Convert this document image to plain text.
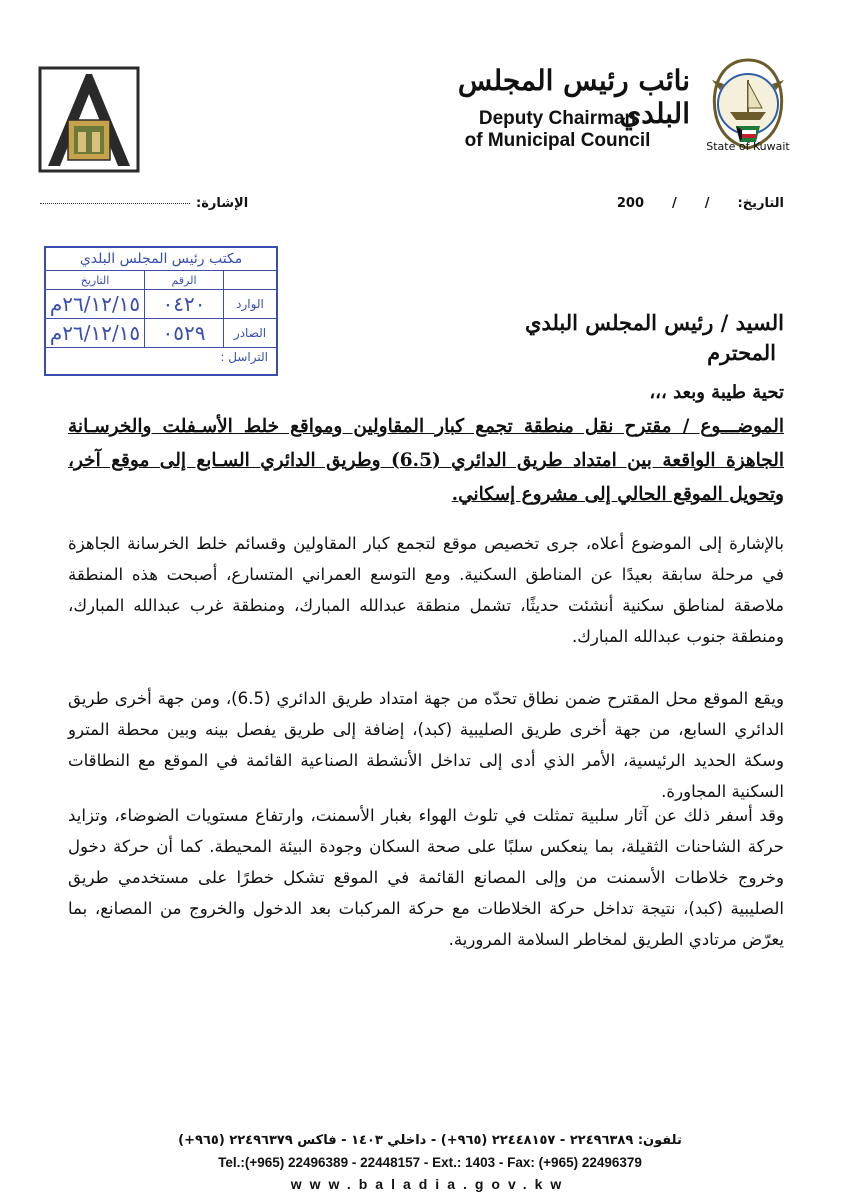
State of Kuwait
نائب رئيس المجلس البلدي
Deputy Chairman
of Municipal Council
التاريخ://200
الإشارة:
مكتب رئيس المجلس البلدي
الرقم
التاريخ
الوارد
٠٤٢٠
٢٦/١٢/١٥م
الصادر
٠٥٢٩
٢٦/١٢/١٥م
التراسل :
السيد / رئيس المجلس البلدي
المحترم
تحية طيبة وبعد ،،،
الموضـــوع / مقترح نقل منطقة تجمع كبار المقاولين ومواقع خلط الأسـفلت والخرسـانة الجاهزة الواقعة بين امتداد طريق الدائري (6.5) وطريق الدائري السـابع إلى موقع آخر، وتحويل الموقع الحالي إلى مشروع إسكاني.
بالإشارة إلى الموضوع أعلاه، جرى تخصيص موقع لتجمع كبار المقاولين وقسائم خلط الخرسانة الجاهزة في مرحلة سابقة بعيدًا عن المناطق السكنية. ومع التوسع العمراني المتسارع، أصبحت هذه المنطقة ملاصقة لمناطق سكنية أنشئت حديثًا، تشمل منطقة عبدالله المبارك، ومنطقة غرب عبدالله المبارك، ومنطقة جنوب عبدالله المبارك.
ويقع الموقع محل المقترح ضمن نطاق تحدّه من جهة امتداد طريق الدائري (6.5)، ومن جهة أخرى طريق الدائري السابع، من جهة أخرى طريق الصليبية (كبد)، إضافة إلى طريق يفصل بينه وبين محطة المترو وسكة الحديد الرئيسية، الأمر الذي أدى إلى تداخل الأنشطة الصناعية القائمة في الموقع مع النطاقات السكنية المجاورة.
وقد أسفر ذلك عن آثار سلبية تمثلت في تلوث الهواء بغبار الأسمنت، وارتفاع مستويات الضوضاء، وتزايد حركة الشاحنات الثقيلة، بما ينعكس سلبًا على صحة السكان وجودة البيئة المحيطة. كما أن حركة دخول وخروج خلاطات الأسمنت من وإلى المصانع القائمة في الموقع تشكل خطرًا على مستخدمي طريق الصليبية (كبد)، نتيجة تداخل حركة الخلاطات مع حركة المركبات بعد الدخول والخروج من المصانع، بما يعرّض مرتادي الطريق لمخاطر السلامة المرورية.
تلفون: ٢٢٤٩٦٣٨٩ - ٢٢٤٤٨١٥٧ (٩٦٥+) - داخلي ١٤٠٣ - فاكس ٢٢٤٩٦٣٧٩ (٩٦٥+)
Tel.:(+965) 22496389 - 22448157 - Ext.: 1403 - Fax: (+965) 22496379
www.baladia.gov.kw
